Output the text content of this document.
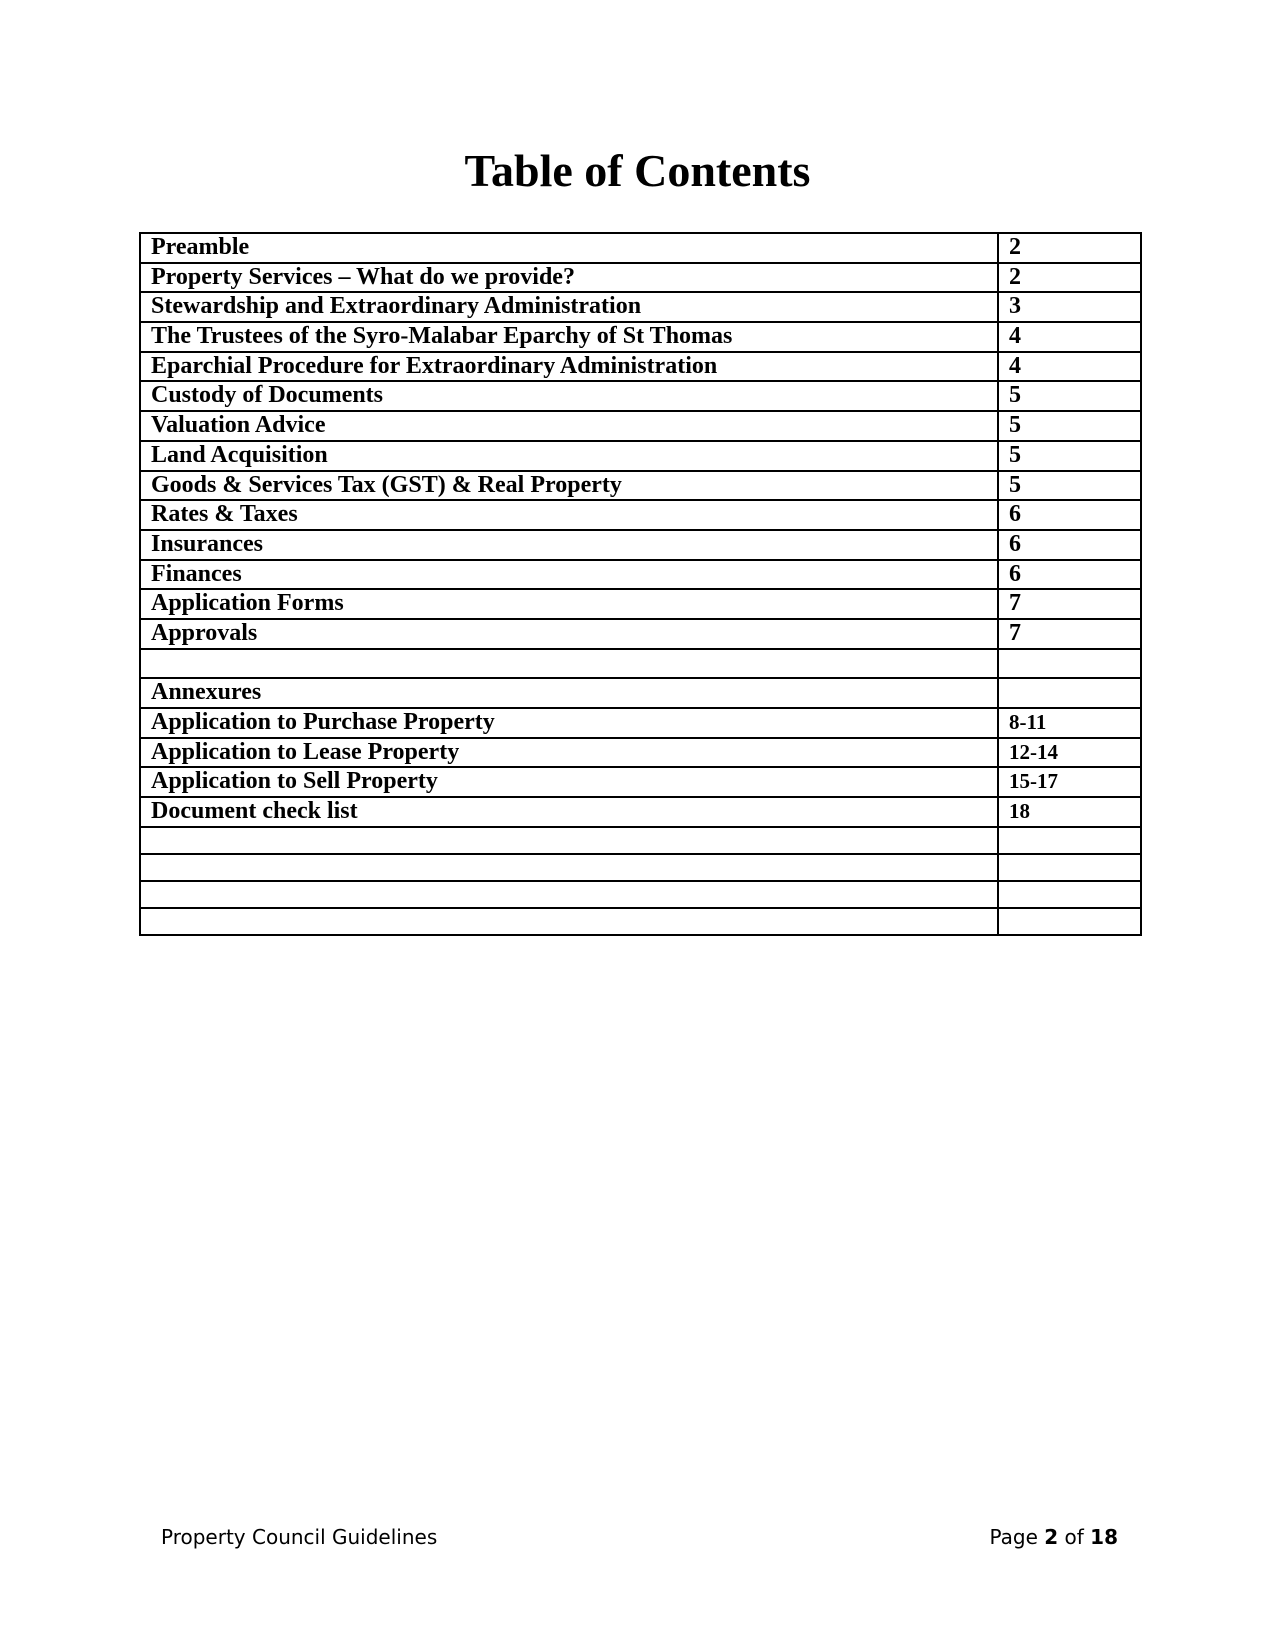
Table of Contents
Preamble	2
Property Services – What do we provide?	2
Stewardship and Extraordinary Administration	3
The Trustees of the Syro-Malabar Eparchy of St Thomas	4
Eparchial Procedure for Extraordinary Administration	4
Custody of Documents	5
Valuation Advice	5
Land Acquisition	5
Goods & Services Tax (GST) & Real Property	5
Rates & Taxes	6
Insurances	6
Finances	6
Application Forms	7
Approvals	7

Annexures	
Application to Purchase Property	8-11
Application to Lease Property	12-14
Application to Sell Property	15-17
Document check list	18

Property Council Guidelines	Page 2 of 18
